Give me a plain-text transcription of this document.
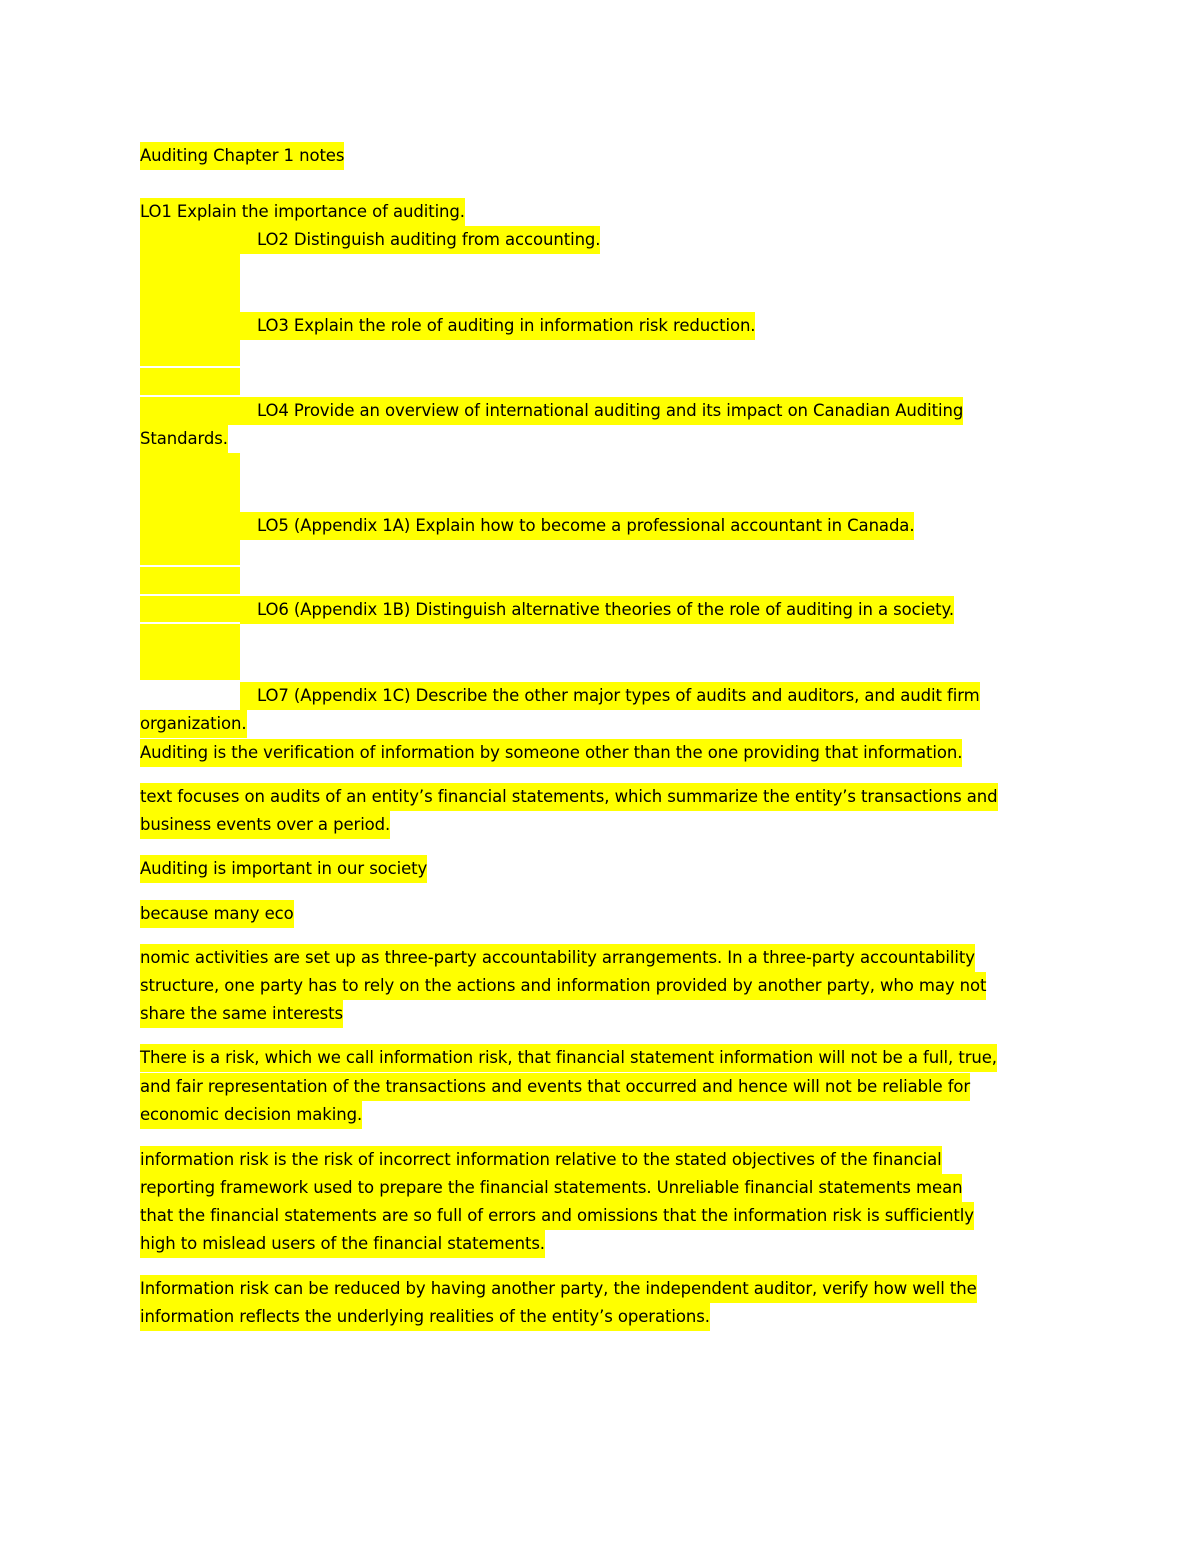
Auditing Chapter 1 notes
LO1 Explain the importance of auditing.
LO2 Distinguish auditing from accounting.
LO3 Explain the role of auditing in information risk reduction.
LO4 Provide an overview of international auditing and its impact on Canadian Auditing
Standards.
LO5 (Appendix 1A) Explain how to become a professional accountant in Canada.
LO6 (Appendix 1B) Distinguish alternative theories of the role of auditing in a society.
LO7 (Appendix 1C) Describe the other major types of audits and auditors, and audit firm
organization.
Auditing is the verification of information by someone other than the one providing that information.
text focuses on audits of an entity’s financial statements, which summarize the entity’s transactions and
business events over a period.
Auditing is important in our society
because many eco
nomic activities are set up as three-party accountability arrangements. In a three-party accountability
structure, one party has to rely on the actions and information provided by another party, who may not
share the same interests
There is a risk, which we call information risk, that financial statement information will not be a full, true,
and fair representation of the transactions and events that occurred and hence will not be reliable for
economic decision making.
information risk is the risk of incorrect information relative to the stated objectives of the financial
reporting framework used to prepare the financial statements. Unreliable financial statements mean
that the financial statements are so full of errors and omissions that the information risk is sufficiently
high to mislead users of the financial statements.
Information risk can be reduced by having another party, the independent auditor, verify how well the
information reflects the underlying realities of the entity’s operations.
